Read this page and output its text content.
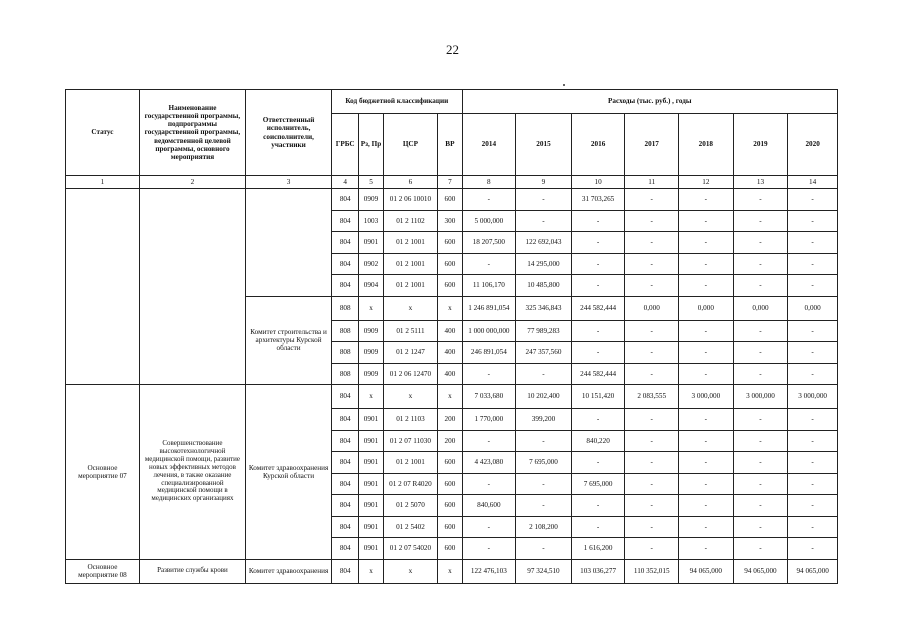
22
Статус	Наименование государственной программы, подпрограммы государственной программы, ведомственной целевой программы, основного мероприятия	Ответственный исполнитель, соисполнители, участники	Код бюджетной классификации				Расходы (тыс. руб.) , годы						
			ГРБС	Рз, Пр	ЦСР	ВР	2014	2015	2016	2017	2018	2019	2020
1	2	3	4	5	6	7	8	9	10	11	12	13	14
			804	0909	01 2 06 10010	600	-	-	31 703,265	-	-	-	-
			804	1003	01 2 1102	300	5 000,000	-	-	-	-	-	-
			804	0901	01 2 1001	600	18 207,500	122 692,043	-	-	-	-	-
			804	0902	01 2 1001	600	-	14 295,000	-	-	-	-	-
			804	0904	01 2 1001	600	11 106,170	10 485,800	-	-	-	-	-
		Комитет строительства и архитектуры Курской области	808	x	x	x	1 246 891,054	325 346,843	244 582,444	0,000	0,000	0,000	0,000
			808	0909	01 2 5111	400	1 000 000,000	77 989,283	-	-	-	-	-
			808	0909	01 2 1247	400	246 891,054	247 357,560	-	-	-	-	-
			808	0909	01 2 06 12470	400	-	-	244 582,444	-	-	-	-
Основное мероприятие 07	Совершенствование высокотехнологичной медицинской помощи, развитие новых эффективных методов лечения, в также оказание специализированной медицинской помощи в медицинских организациях	Комитет здравоохранения Курской области	804	x	x	x	7 033,680	10 202,400	10 151,420	2 083,555	3 000,000	3 000,000	3 000,000
			804	0901	01 2 1103	200	1 770,000	399,200	-	-	-	-	-
			804	0901	01 2 07 11030	200	-	-	840,220	-	-	-	-
			804	0901	01 2 1001	600	4 423,080	7 695,000	-	-	-	-	-
			804	0901	01 2 07 R4020	600	-	-	7 695,000	-	-	-	-
			804	0901	01 2 5070	600	840,600	-	-	-	-	-	-
			804	0901	01 2 5402	600	-	2 108,200	-	-	-	-	-
			804	0901	01 2 07 54020	600	-	-	1 616,200	-	-	-	-
Основное мероприятие 08	Развитие службы крови	Комитет здравоохранения	804	x	x	x	122 476,103	97 324,510	103 036,277	110 352,015	94 065,000	94 065,000	94 065,000
